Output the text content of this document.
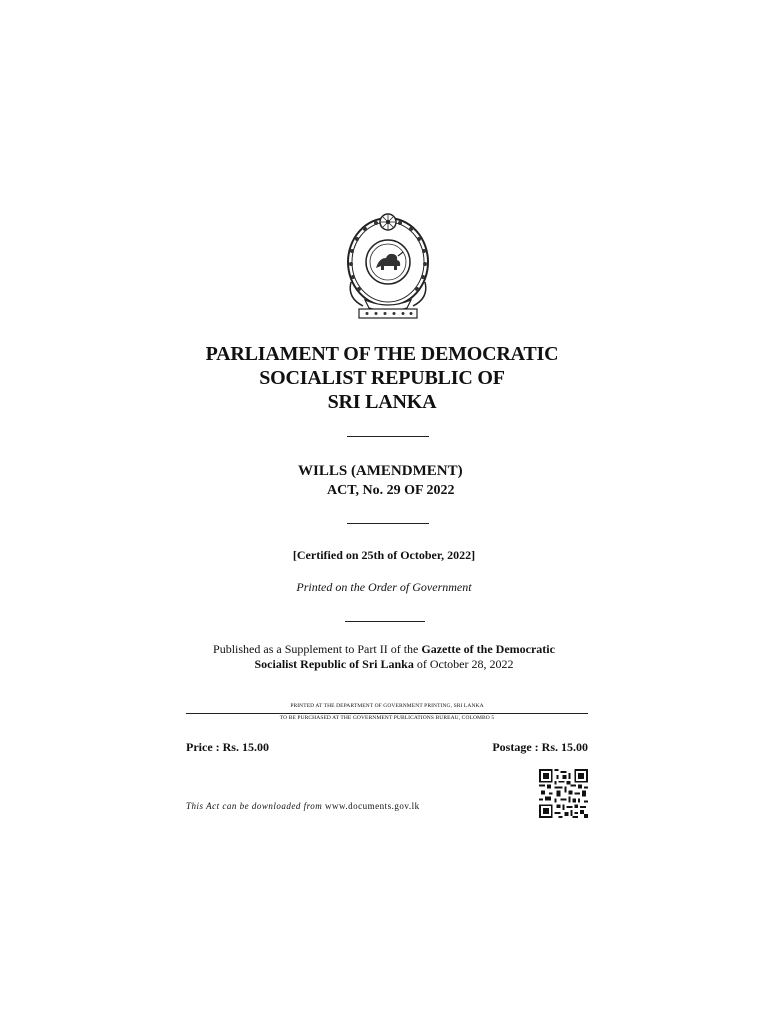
PARLIAMENT OF THE DEMOCRATIC
SOCIALIST REPUBLIC OF
SRI LANKA
WILLS (AMENDMENT)
ACT, No. 29 OF 2022
[Certified on 25th of October, 2022]
Printed on the Order of Government
Published as a Supplement to Part II of the Gazette of the Democratic
Socialist Republic of Sri Lanka of October 28, 2022
PRINTED AT THE DEPARTMENT OF GOVERNMENT PRINTING, SRI LANKA
TO BE PURCHASED AT THE GOVERNMENT PUBLICATIONS BUREAU, COLOMBO 5
Price : Rs. 15.00	Postage : Rs. 15.00
This Act can be downloaded from www.documents.gov.lk
